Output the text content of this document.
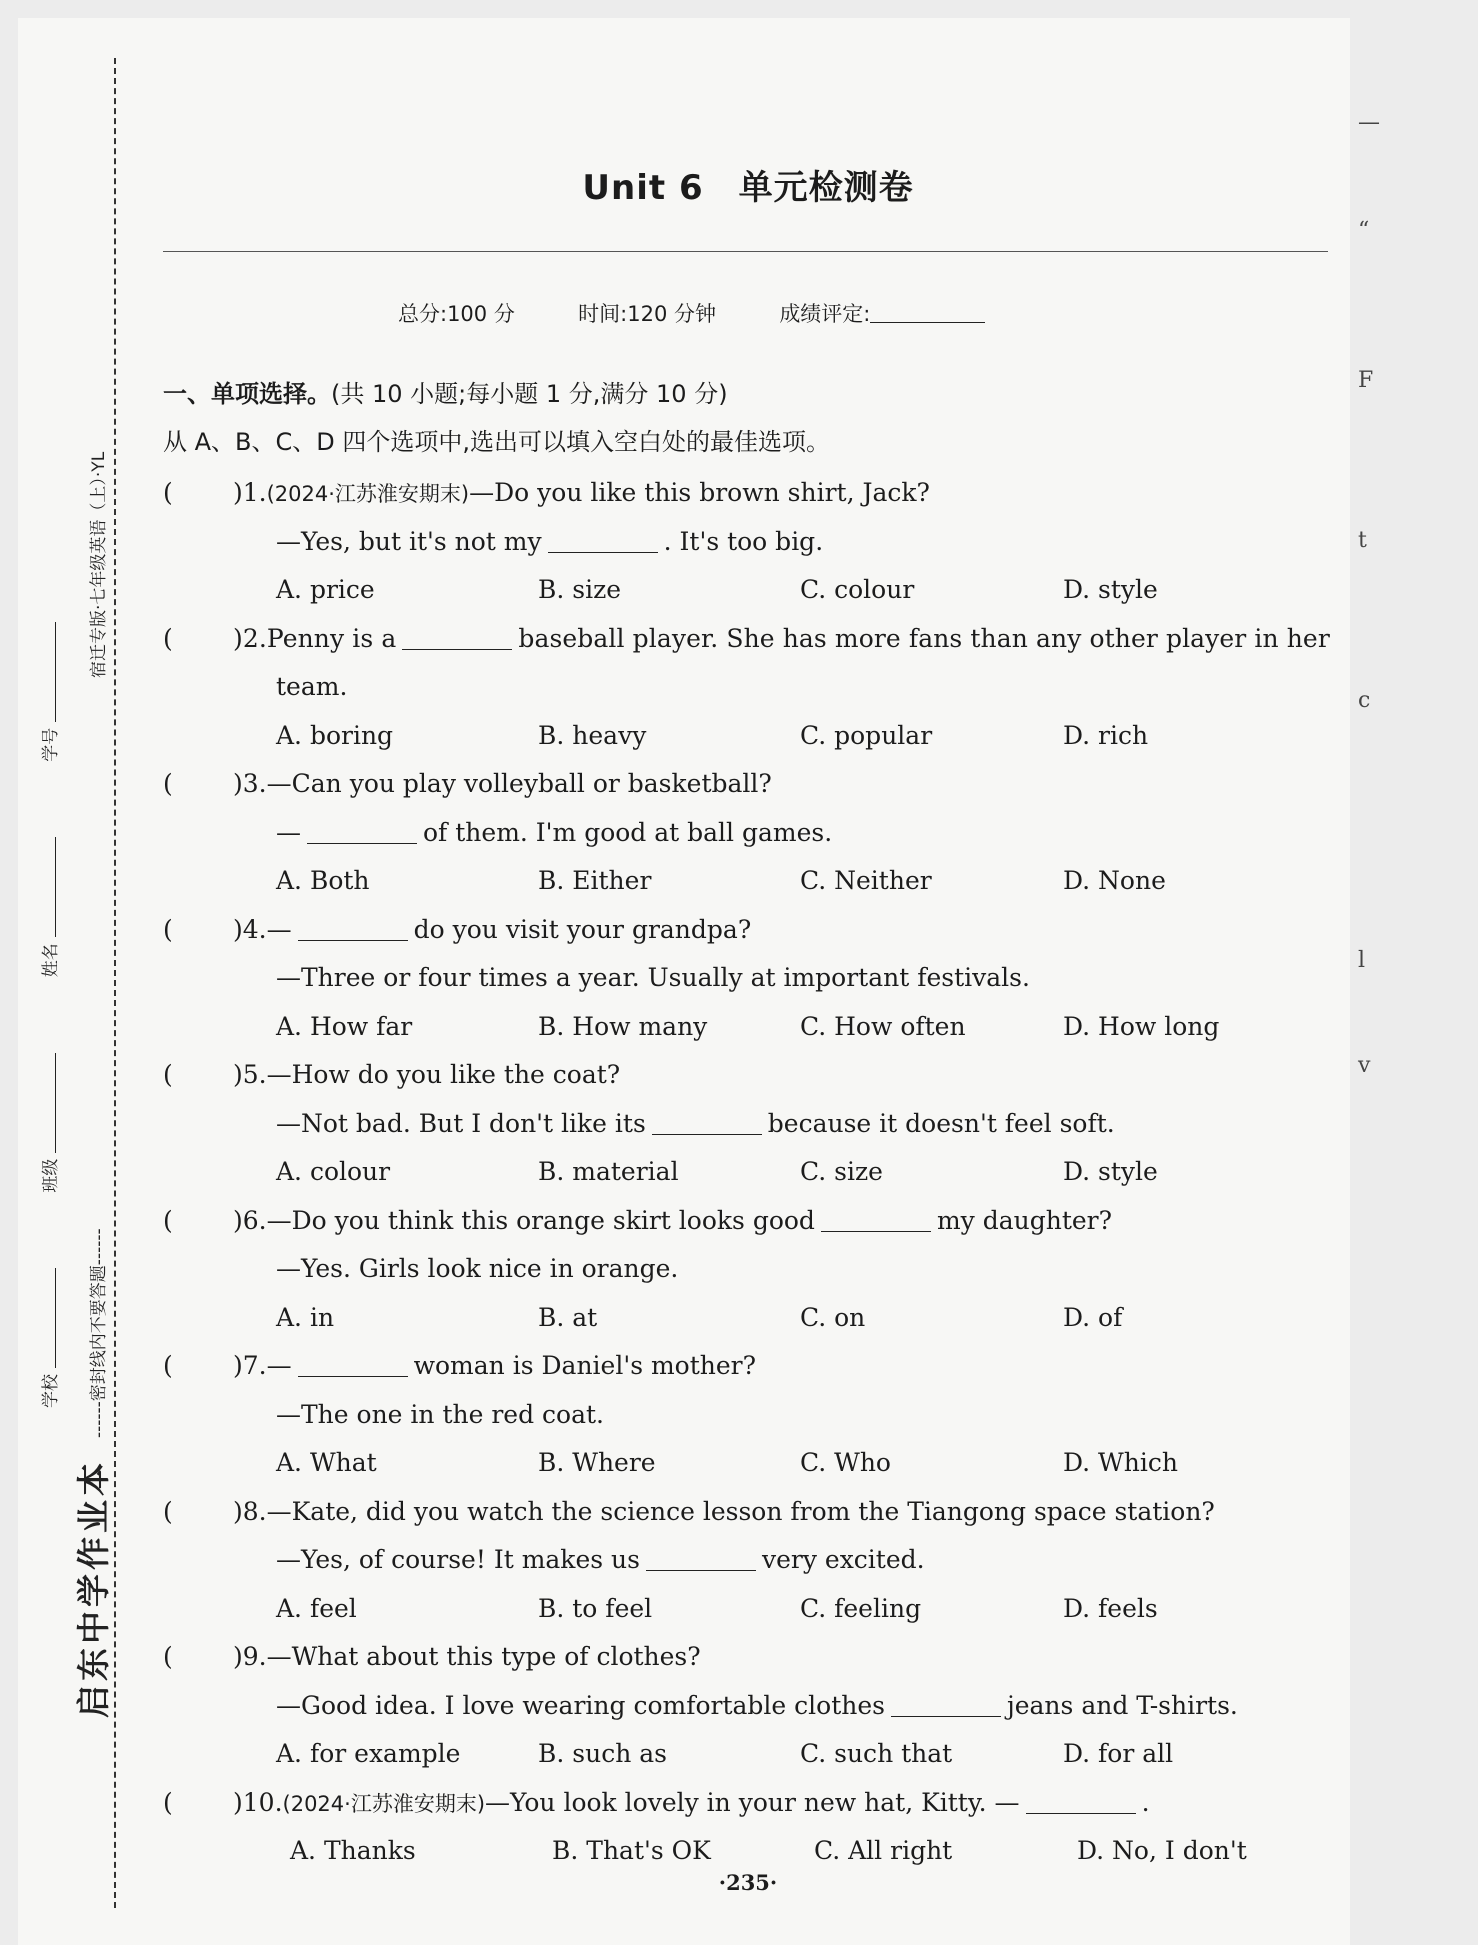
启东中学作业本
------密封线内不要答题------
宿迁专版·七年级英语（上）·YL
学校 班级 姓名 学号
Unit 6　单元检测卷
总分:100 分	时间:120 分钟	成绩评定:
一、单项选择。(共 10 小题;每小题 1 分,满分 10 分)
从 A、B、C、D 四个选项中,选出可以填入空白处的最佳选项。
( )1.(2024·江苏淮安期末)—Do you like this brown shirt, Jack?
—Yes, but it's not my	. It's too big.
A. price	B. size	C. colour	D. style
( )2.Penny is a	baseball player. She has more fans than any other player in her
team.
A. boring	B. heavy	C. popular	D. rich
( )3.—Can you play volleyball or basketball?
—	of them. I'm good at ball games.
A. Both	B. Either	C. Neither	D. None
( )4.—	do you visit your grandpa?
—Three or four times a year. Usually at important festivals.
A. How far	B. How many	C. How often	D. How long
( )5.—How do you like the coat?
—Not bad. But I don't like its	because it doesn't feel soft.
A. colour	B. material	C. size	D. style
( )6.—Do you think this orange skirt looks good	my daughter?
—Yes. Girls look nice in orange.
A. in	B. at	C. on	D. of
( )7.—	woman is Daniel's mother?
—The one in the red coat.
A. What	B. Where	C. Who	D. Which
( )8.—Kate, did you watch the science lesson from the Tiangong space station?
—Yes, of course! It makes us	very excited.
A. feel	B. to feel	C. feeling	D. feels
( )9.—What about this type of clothes?
—Good idea. I love wearing comfortable clothes	jeans and T-shirts.
A. for example	B. such as	C. such that	D. for all
( )10.(2024·江苏淮安期末)—You look lovely in your new hat, Kitty. —	.
A. Thanks	B. That's OK	C. All right	D. No, I don't
·235·
—
“
F
t
c
l
v
